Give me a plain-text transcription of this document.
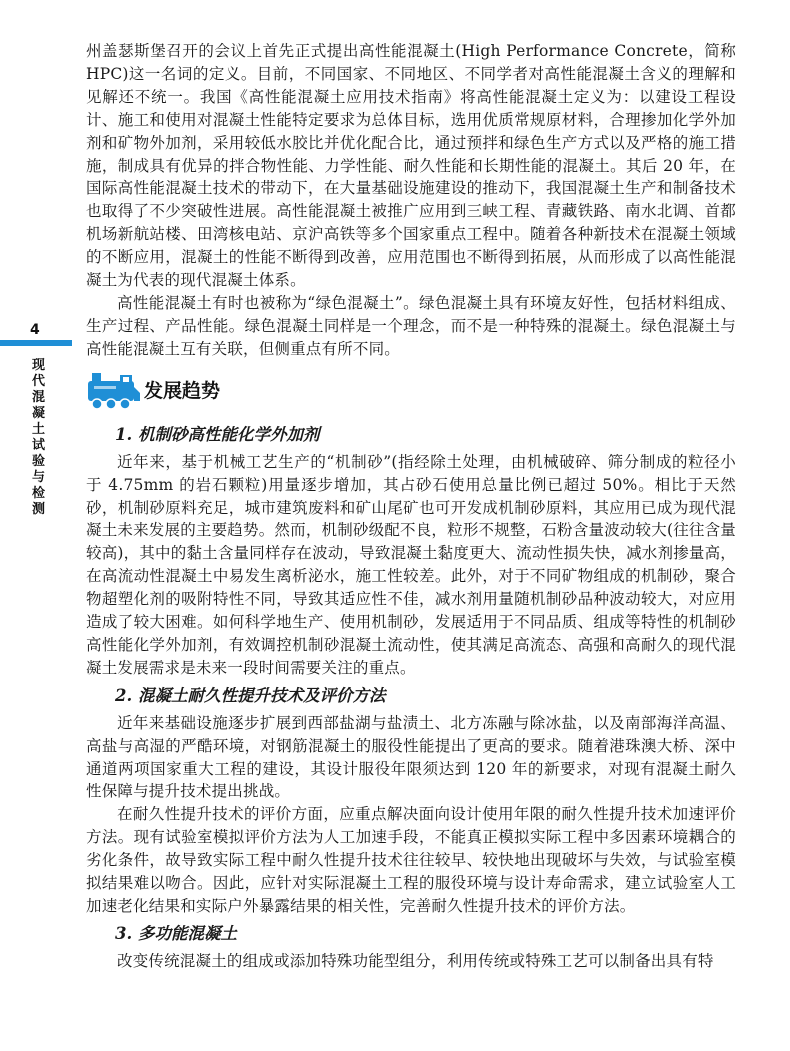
4
现代混凝土试验与检测

州盖瑟斯堡召开的会议上首先正式提出高性能混凝土(High Performance Concrete，简称 HPC)这一名词的定义。目前，不同国家、不同地区、不同学者对高性能混凝土含义的理解和见解还不统一。我国《高性能混凝土应用技术指南》将高性能混凝土定义为：以建设工程设计、施工和使用对混凝土性能特定要求为总体目标，选用优质常规原材料，合理掺加化学外加剂和矿物外加剂，采用较低水胶比并优化配合比，通过预拌和绿色生产方式以及严格的施工措施，制成具有优异的拌合物性能、力学性能、耐久性能和长期性能的混凝土。其后 20 年，在国际高性能混凝土技术的带动下，在大量基础设施建设的推动下，我国混凝土生产和制备技术也取得了不少突破性进展。高性能混凝土被推广应用到三峡工程、青藏铁路、南水北调、首都机场新航站楼、田湾核电站、京沪高铁等多个国家重点工程中。随着各种新技术在混凝土领域的不断应用，混凝土的性能不断得到改善，应用范围也不断得到拓展，从而形成了以高性能混凝土为代表的现代混凝土体系。

高性能混凝土有时也被称为“绿色混凝土”。绿色混凝土具有环境友好性，包括材料组成、生产过程、产品性能。绿色混凝土同样是一个理念，而不是一种特殊的混凝土。绿色混凝土与高性能混凝土互有关联，但侧重点有所不同。

发展趋势
1. 机制砂高性能化学外加剂

近年来，基于机械工艺生产的“机制砂”(指经除土处理，由机械破碎、筛分制成的粒径小于 4.75mm 的岩石颗粒)用量逐步增加，其占砂石使用总量比例已超过 50%。相比于天然砂，机制砂原料充足，城市建筑废料和矿山尾矿也可开发成机制砂原料，其应用已成为现代混凝土未来发展的主要趋势。然而，机制砂级配不良，粒形不规整，石粉含量波动较大(往往含量较高)，其中的黏土含量同样存在波动，导致混凝土黏度更大、流动性损失快，减水剂掺量高，在高流动性混凝土中易发生离析泌水，施工性较差。此外，对于不同矿物组成的机制砂，聚合物超塑化剂的吸附特性不同，导致其适应性不佳，减水剂用量随机制砂品种波动较大，对应用造成了较大困难。如何科学地生产、使用机制砂，发展适用于不同品质、组成等特性的机制砂高性能化学外加剂，有效调控机制砂混凝土流动性，使其满足高流态、高强和高耐久的现代混凝土发展需求是未来一段时间需要关注的重点。

2. 混凝土耐久性提升技术及评价方法

近年来基础设施逐步扩展到西部盐湖与盐渍土、北方冻融与除冰盐，以及南部海洋高温、高盐与高湿的严酷环境，对钢筋混凝土的服役性能提出了更高的要求。随着港珠澳大桥、深中通道两项国家重大工程的建设，其设计服役年限须达到 120 年的新要求，对现有混凝土耐久性保障与提升技术提出挑战。

在耐久性提升技术的评价方面，应重点解决面向设计使用年限的耐久性提升技术加速评价方法。现有试验室模拟评价方法为人工加速手段，不能真正模拟实际工程中多因素环境耦合的劣化条件，故导致实际工程中耐久性提升技术往往较早、较快地出现破坏与失效，与试验室模拟结果难以吻合。因此，应针对实际混凝土工程的服役环境与设计寿命需求，建立试验室人工加速老化结果和实际户外暴露结果的相关性，完善耐久性提升技术的评价方法。

3. 多功能混凝土

改变传统混凝土的组成或添加特殊功能型组分，利用传统或特殊工艺可以制备出具有特
